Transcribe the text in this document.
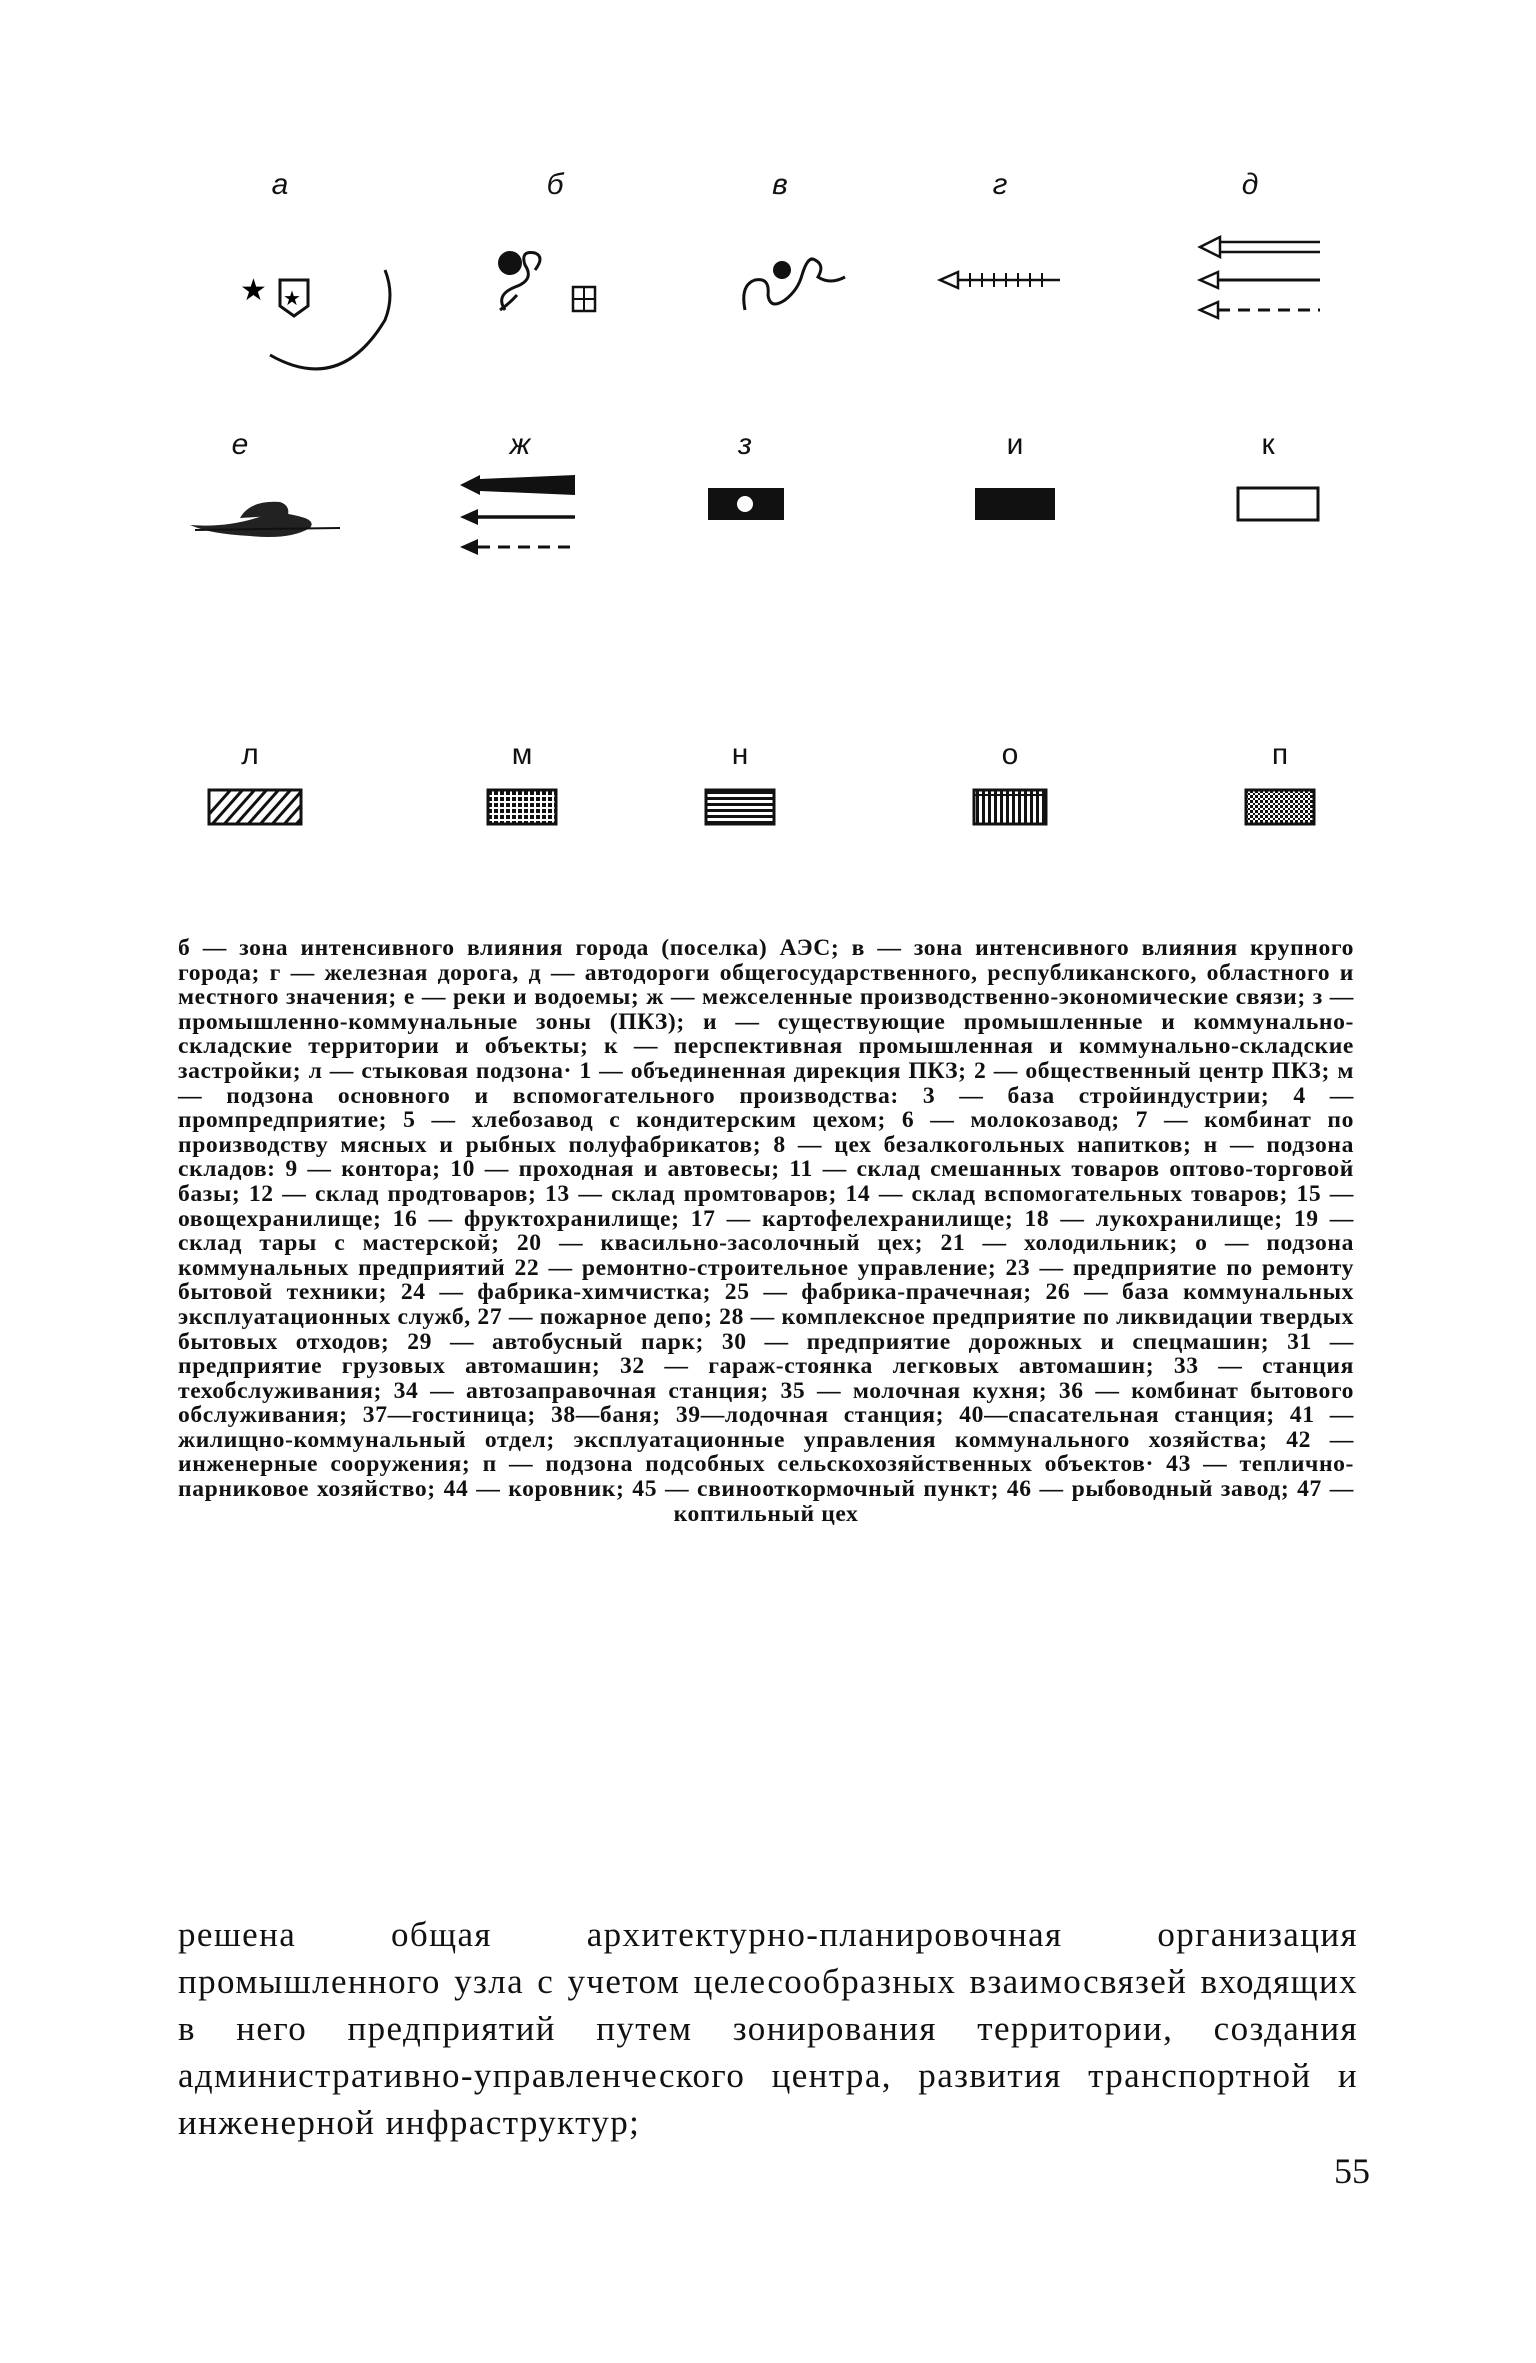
а
★ ★
б	в	г	д
е	ж	з	и	к
л	м	н	о	п

б — зона интенсивного влияния города (поселка) АЭС; в — зона интенсивного влияния крупного города; г — железная дорога, д — автодороги общегосударственного, республиканского, областного и местного значения; е — реки и водоемы; ж — межселенные производственно-экономические связи; з — промышленно-коммунальные зоны (ПКЗ); и — существующие промышленные и коммунально-складские территории и объекты; к — перспективная промышленная и коммунально-складские застройки; л — стыковая подзона· 1 — объединенная дирекция ПКЗ; 2 — общественный центр ПКЗ; м — подзона основного и вспомогательного производства: 3 — база стройиндустрии; 4 — промпредприятие; 5 — хлебозавод с кондитерским цехом; 6 — молокозавод; 7 — комбинат по производству мясных и рыбных полуфабрикатов; 8 — цех безалкогольных напитков; н — подзона складов: 9 — контора; 10 — проходная и автовесы; 11 — склад смешанных товаров оптово-торговой базы; 12 — склад продтоваров; 13 — склад промтоваров; 14 — склад вспомогательных товаров; 15 — овощехранилище; 16 — фруктохранилище; 17 — картофелехранилище; 18 — лукохранилище; 19 — склад тары с мастерской; 20 — квасильно-засолочный цех; 21 — холодильник; о — подзона коммунальных предприятий 22 — ремонтно-строительное управление; 23 — предприятие по ремонту бытовой техники; 24 — фабрика-химчистка; 25 — фабрика-прачечная; 26 — база коммунальных эксплуатационных служб, 27 — пожарное депо; 28 — комплексное предприятие по ликвидации твердых бытовых отходов; 29 — автобусный парк; 30 — предприятие дорожных и спецмашин; 31 — предприятие грузовых автомашин; 32 — гараж-стоянка легковых автомашин; 33 — станция техобслуживания; 34 — автозаправочная станция; 35 — молочная кухня; 36 — комбинат бытового обслуживания; 37—гостиница; 38—баня; 39—лодочная станция; 40—спасательная станция; 41 — жилищно-коммунальный отдел; эксплуатационные управления коммунального хозяйства; 42 — инженерные сооружения; п — подзона подсобных сельскохозяйственных объектов· 43 — теплично-парниковое хозяйство; 44 — коровник; 45 — свинооткормочный пункт; 46 — рыбоводный завод; 47 — коптильный цех

решена общая архитектурно-планировочная организация промышленного узла с учетом целесообразных взаимосвязей входящих в него предприятий путем зонирования территории, создания административно-управленческого центра, развития транспортной и инженерной инфраструктур;
55
